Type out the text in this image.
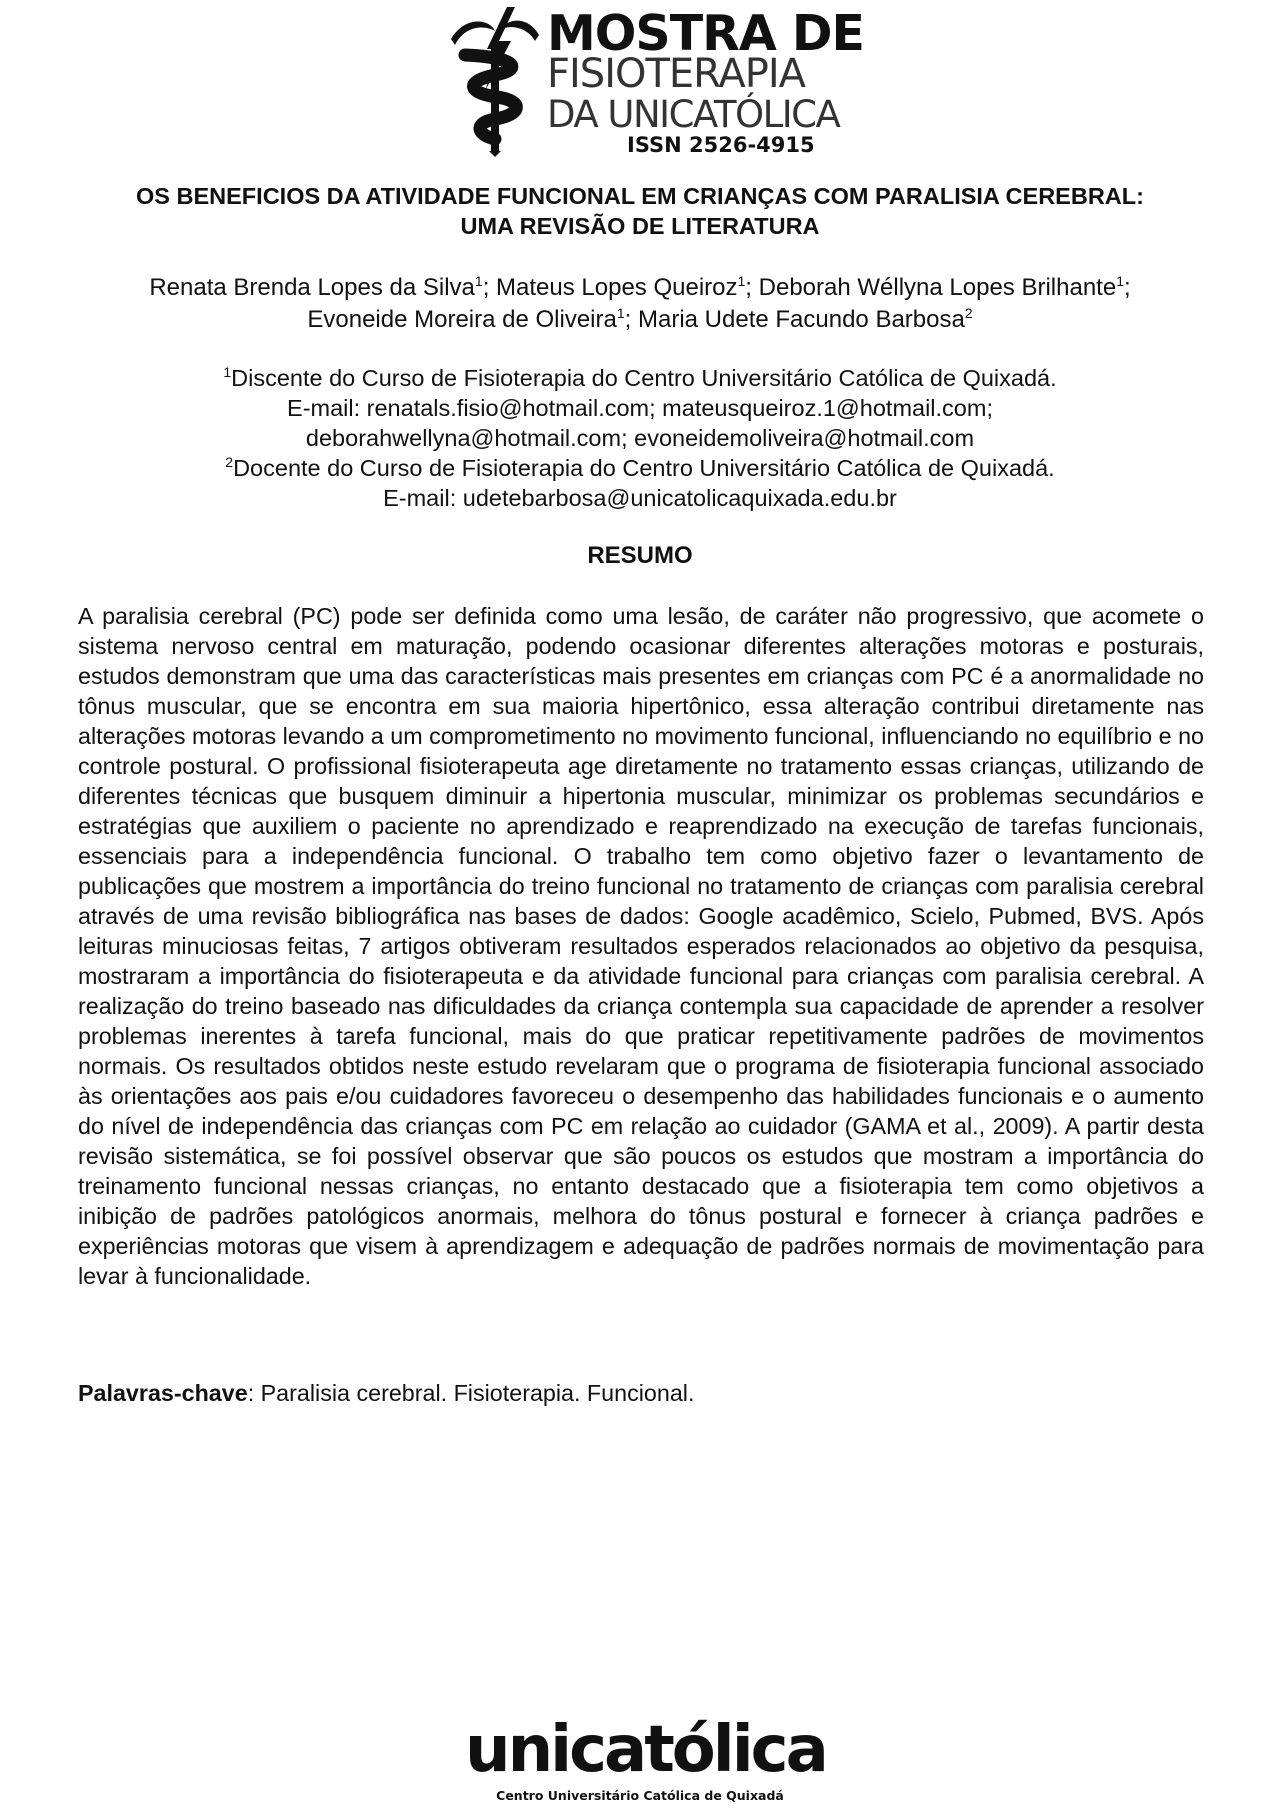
MOSTRA DE
FISIOTERAPIA
DA UNICATÓLICA
ISSN 2526-4915
OS BENEFICIOS DA ATIVIDADE FUNCIONAL EM CRIANÇAS COM PARALISIA CEREBRAL:
UMA REVISÃO DE LITERATURA
Renata Brenda Lopes da Silva$^1$; Mateus Lopes Queiroz$^1$; Deborah Wéllyna Lopes Brilhante$^1$;
Evoneide Moreira de Oliveira$^1$; Maria Udete Facundo Barbosa$^2$
$^1$Discente do Curso de Fisioterapia do Centro Universitário Católica de Quixadá.
E-mail: renatals.fisio@hotmail.com; mateusqueiroz.1@hotmail.com;
deborahwellyna@hotmail.com; evoneidemoliveira@hotmail.com
$^2$Docente do Curso de Fisioterapia do Centro Universitário Católica de Quixadá.
E-mail: udetebarbosa@unicatolicaquixada.edu.br
RESUMO

A paralisia cerebral (PC) pode ser definida como uma lesão, de caráter não progressivo, que acomete o sistema nervoso central em maturação, podendo ocasionar diferentes alterações motoras e posturais, estudos demonstram que uma das características mais presentes em crianças com PC é a anormalidade no tônus muscular, que se encontra em sua maioria hipertônico, essa alteração contribui diretamente nas alterações motoras levando a um comprometimento no movimento funcional, influenciando no equilíbrio e no controle postural. O profissional fisioterapeuta age diretamente no tratamento essas crianças, utilizando de diferentes técnicas que busquem diminuir a hipertonia muscular, minimizar os problemas secundários e estratégias que auxiliem o paciente no aprendizado e reaprendizado na execução de tarefas funcionais, essenciais para a independência funcional. O trabalho tem como objetivo fazer o levantamento de publicações que mostrem a importância do treino funcional no tratamento de crianças com paralisia cerebral através de uma revisão bibliográfica nas bases de dados: Google acadêmico, Scielo, Pubmed, BVS. Após leituras minuciosas feitas, 7 artigos obtiveram resultados esperados relacionados ao objetivo da pesquisa, mostraram a importância do fisioterapeuta e da atividade funcional para crianças com paralisia cerebral. A realização do treino baseado nas dificuldades da criança contempla sua capacidade de aprender a resolver problemas inerentes à tarefa funcional, mais do que praticar repetitivamente padrões de movimentos normais. Os resultados obtidos neste estudo revelaram que o programa de fisioterapia funcional associado às orientações aos pais e/ou cuidadores favoreceu o desempenho das habilidades funcionais e o aumento do nível de independência das crianças com PC em relação ao cuidador (GAMA et al., 2009). A partir desta revisão sistemática, se foi possível observar que são poucos os estudos que mostram a importância do treinamento funcional nessas crianças, no entanto destacado que a fisioterapia tem como objetivos a inibição de padrões patológicos anormais, melhora do tônus postural e fornecer à criança padrões e experiências motoras que visem à aprendizagem e adequação de padrões normais de movimentação para levar à funcionalidade.

Palavras-chave: Paralisia cerebral. Fisioterapia. Funcional.
unicatólica
Centro Universitário Católica de Quixadá
